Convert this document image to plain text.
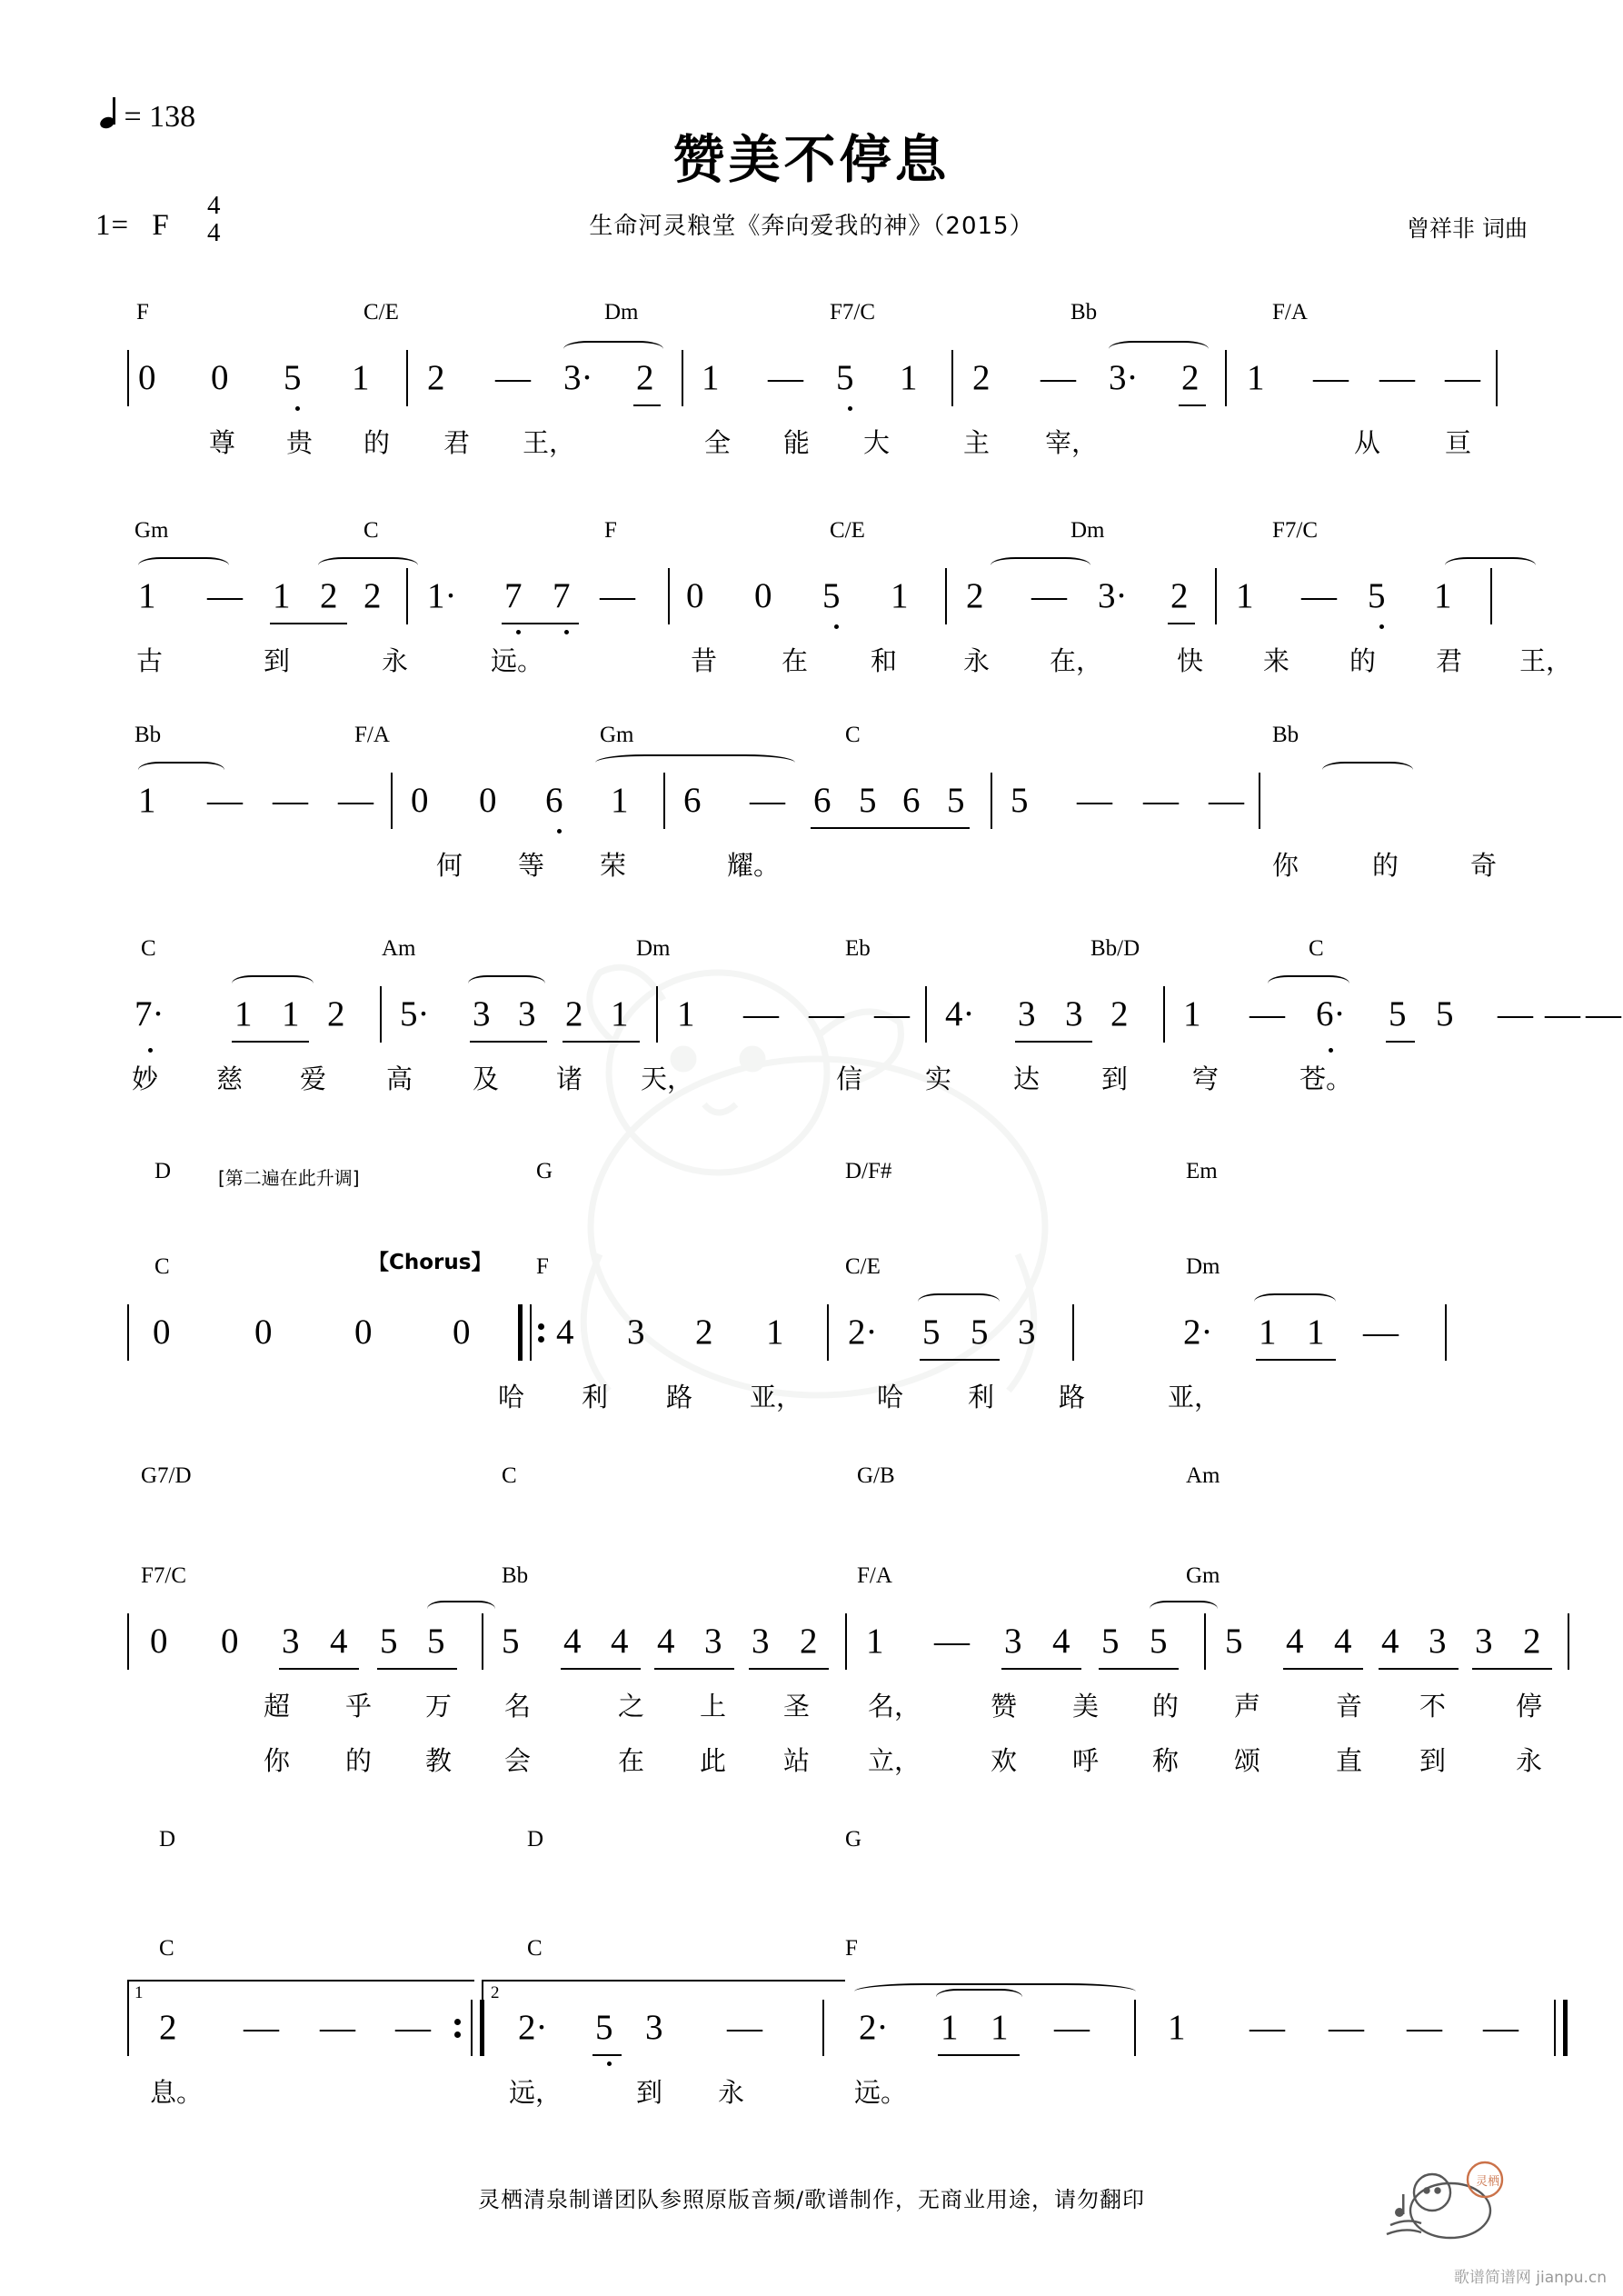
= 138
1= F
4
4
赞美不停息
生命河灵粮堂《奔向爱我的神》（2015）	曾祥非 词曲
F	C/E	Dm	F7/C	Bb	F/A
0 0 5 1 2 — 3· 2 1 — 5 1 2 — 3· 2 1 — — —
尊 贵 的 君 王，	全 能 大	主 宰，	从 亘
Gm	C	F	C/E	Dm	F7/C
1 — 1 2 2 1· 7 7 — 0 0 5 1 2 — 3· 2 1 — 5 1
古	到	永	远。	昔 在 和	永 在，	快 来 的 君 王，
Bb	F/A	Gm	C	Bb
1 — — — 0 0 6 1 6 — 6 5 6 5 5 — — —
何 等 荣	耀。	你	的	奇
C	Am	Dm	Eb	Bb/D	C
7· 1 1 2 5· 3 3 2 1 1 — — — 4· 3 3 2 1 — 6· 5 5 — — —
妙 慈 爱 高 及 诸 天，	信 实 达 到 穹	苍。
D	G	D/F#	Em
[第二遍在此升调]
C	F	C/E	Dm
【Chorus】
0 0 0 0 4 3 2 1 2· 5 5 3	2· 1 1 —
哈 利 路 亚，	哈 利 路	亚，
G7/D	C	G/B	Am
F7/C	Bb	F/A	Gm
0 0 3 4 5 5 5 4 4 4 3 3 2 1 — 3 4 5 5 5 4 4 4 3 3 2
超 乎 万 名	之 上 圣 名，	赞 美 的 声	音 不	停
你 的 教 会	在 此 站 立，	欢 呼 称 颂	直 到	永
D	D	G
C	C	F
1	2
2 — — — 2· 5 3 —	2· 1 1 — 1 — — — —
息。	远，	到 永	远。
灵栖清泉制谱团队参照原版音频/歌谱制作，无商业用途，请勿翻印
灵栖
歌谱简谱网 jianpu.cn
